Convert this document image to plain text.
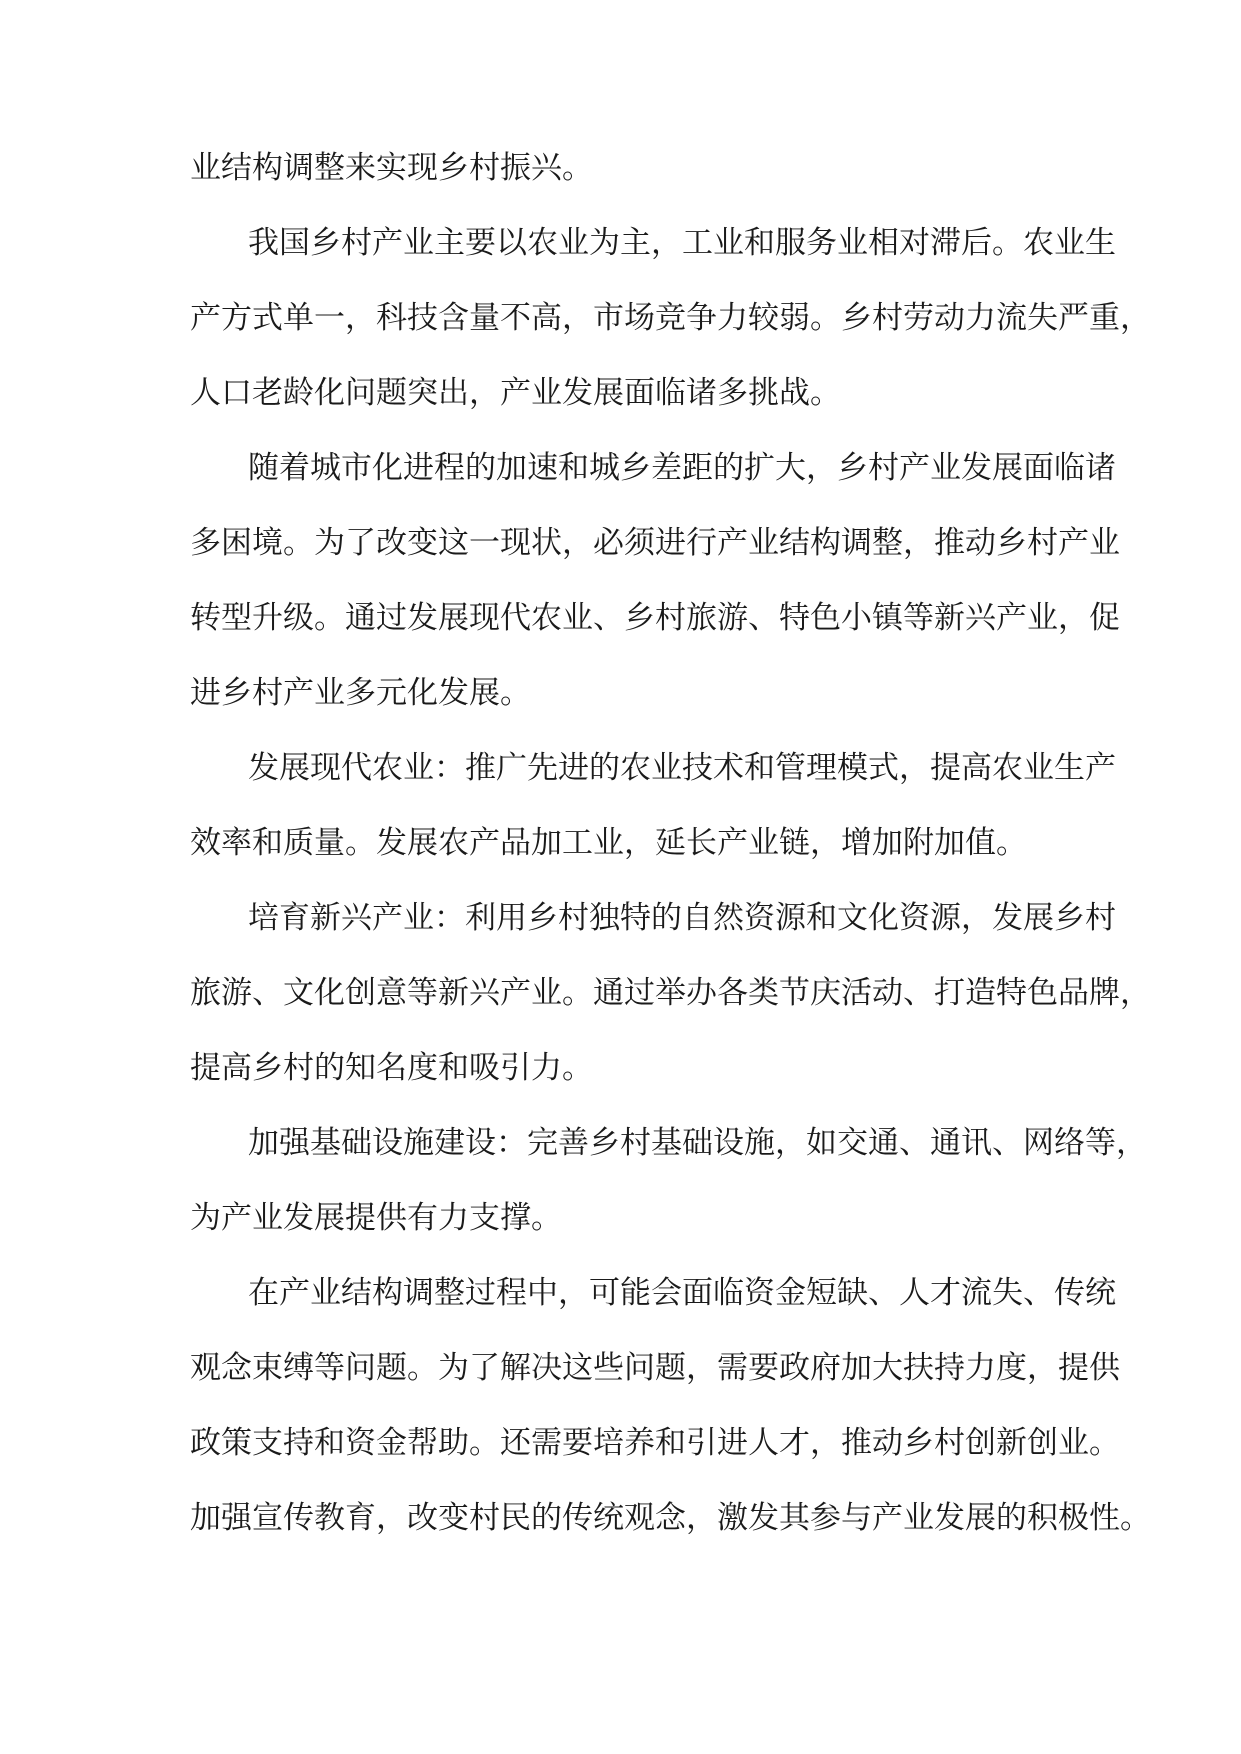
业结构调整来实现乡村振兴。

我国乡村产业主要以农业为主，工业和服务业相对滞后。农业生

产方式单一，科技含量不高，市场竞争力较弱。乡村劳动力流失严重，

人口老龄化问题突出，产业发展面临诸多挑战。

随着城市化进程的加速和城乡差距的扩大，乡村产业发展面临诸

多困境。为了改变这一现状，必须进行产业结构调整，推动乡村产业

转型升级。通过发展现代农业、乡村旅游、特色小镇等新兴产业，促

进乡村产业多元化发展。

发展现代农业：推广先进的农业技术和管理模式，提高农业生产

效率和质量。发展农产品加工业，延长产业链，增加附加值。

培育新兴产业：利用乡村独特的自然资源和文化资源，发展乡村

旅游、文化创意等新兴产业。通过举办各类节庆活动、打造特色品牌，

提高乡村的知名度和吸引力。

加强基础设施建设：完善乡村基础设施，如交通、通讯、网络等，

为产业发展提供有力支撑。

在产业结构调整过程中，可能会面临资金短缺、人才流失、传统

观念束缚等问题。为了解决这些问题，需要政府加大扶持力度，提供

政策支持和资金帮助。还需要培养和引进人才，推动乡村创新创业。

加强宣传教育，改变村民的传统观念，激发其参与产业发展的积极性。
